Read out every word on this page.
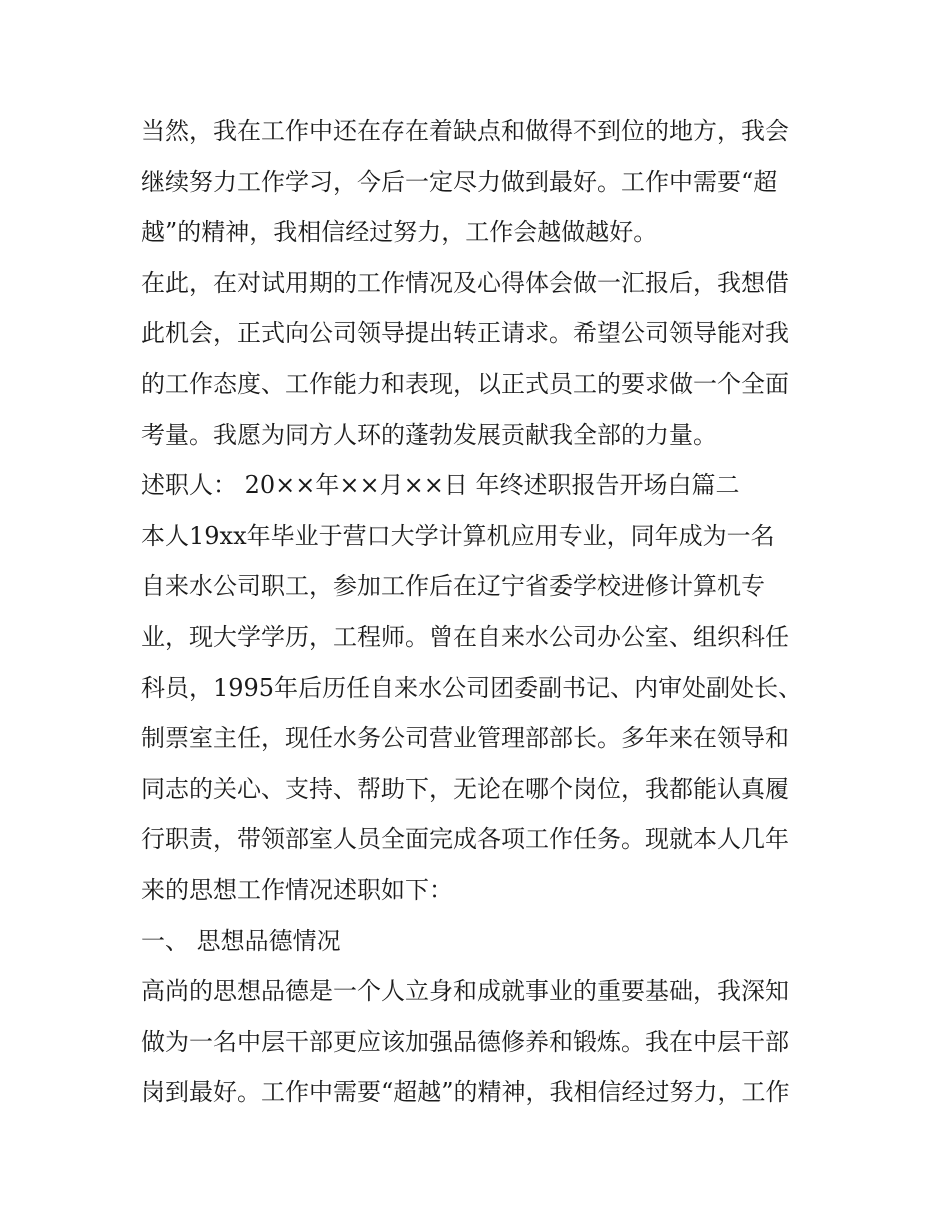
当然，我在工作中还在存在着缺点和做得不到位的地方，我会
继续努力工作学习，今后一定尽力做到最好。工作中需要“超
越”的精神，我相信经过努力，工作会越做越好。
在此，在对试用期的工作情况及心得体会做一汇报后，我想借
此机会，正式向公司领导提出转正请求。希望公司领导能对我
的工作态度、工作能力和表现，以正式员工的要求做一个全面
考量。我愿为同方人环的蓬勃发展贡献我全部的力量。
述职人： 20××年××月××日 年终述职报告开场白篇二
本人19xx年毕业于营口大学计算机应用专业，同年成为一名
自来水公司职工，参加工作后在辽宁省委学校进修计算机专
业，现大学学历，工程师。曾在自来水公司办公室、组织科任
科员，1995年后历任自来水公司团委副书记、内审处副处长、
制票室主任，现任水务公司营业管理部部长。多年来在领导和
同志的关心、支持、帮助下，无论在哪个岗位，我都能认真履
行职责，带领部室人员全面完成各项工作任务。现就本人几年
来的思想工作情况述职如下：
一、 思想品德情况
高尚的思想品德是一个人立身和成就事业的重要基础，我深知
做为一名中层干部更应该加强品德修养和锻炼。我在中层干部
岗到最好。工作中需要“超越”的精神，我相信经过努力，工作
